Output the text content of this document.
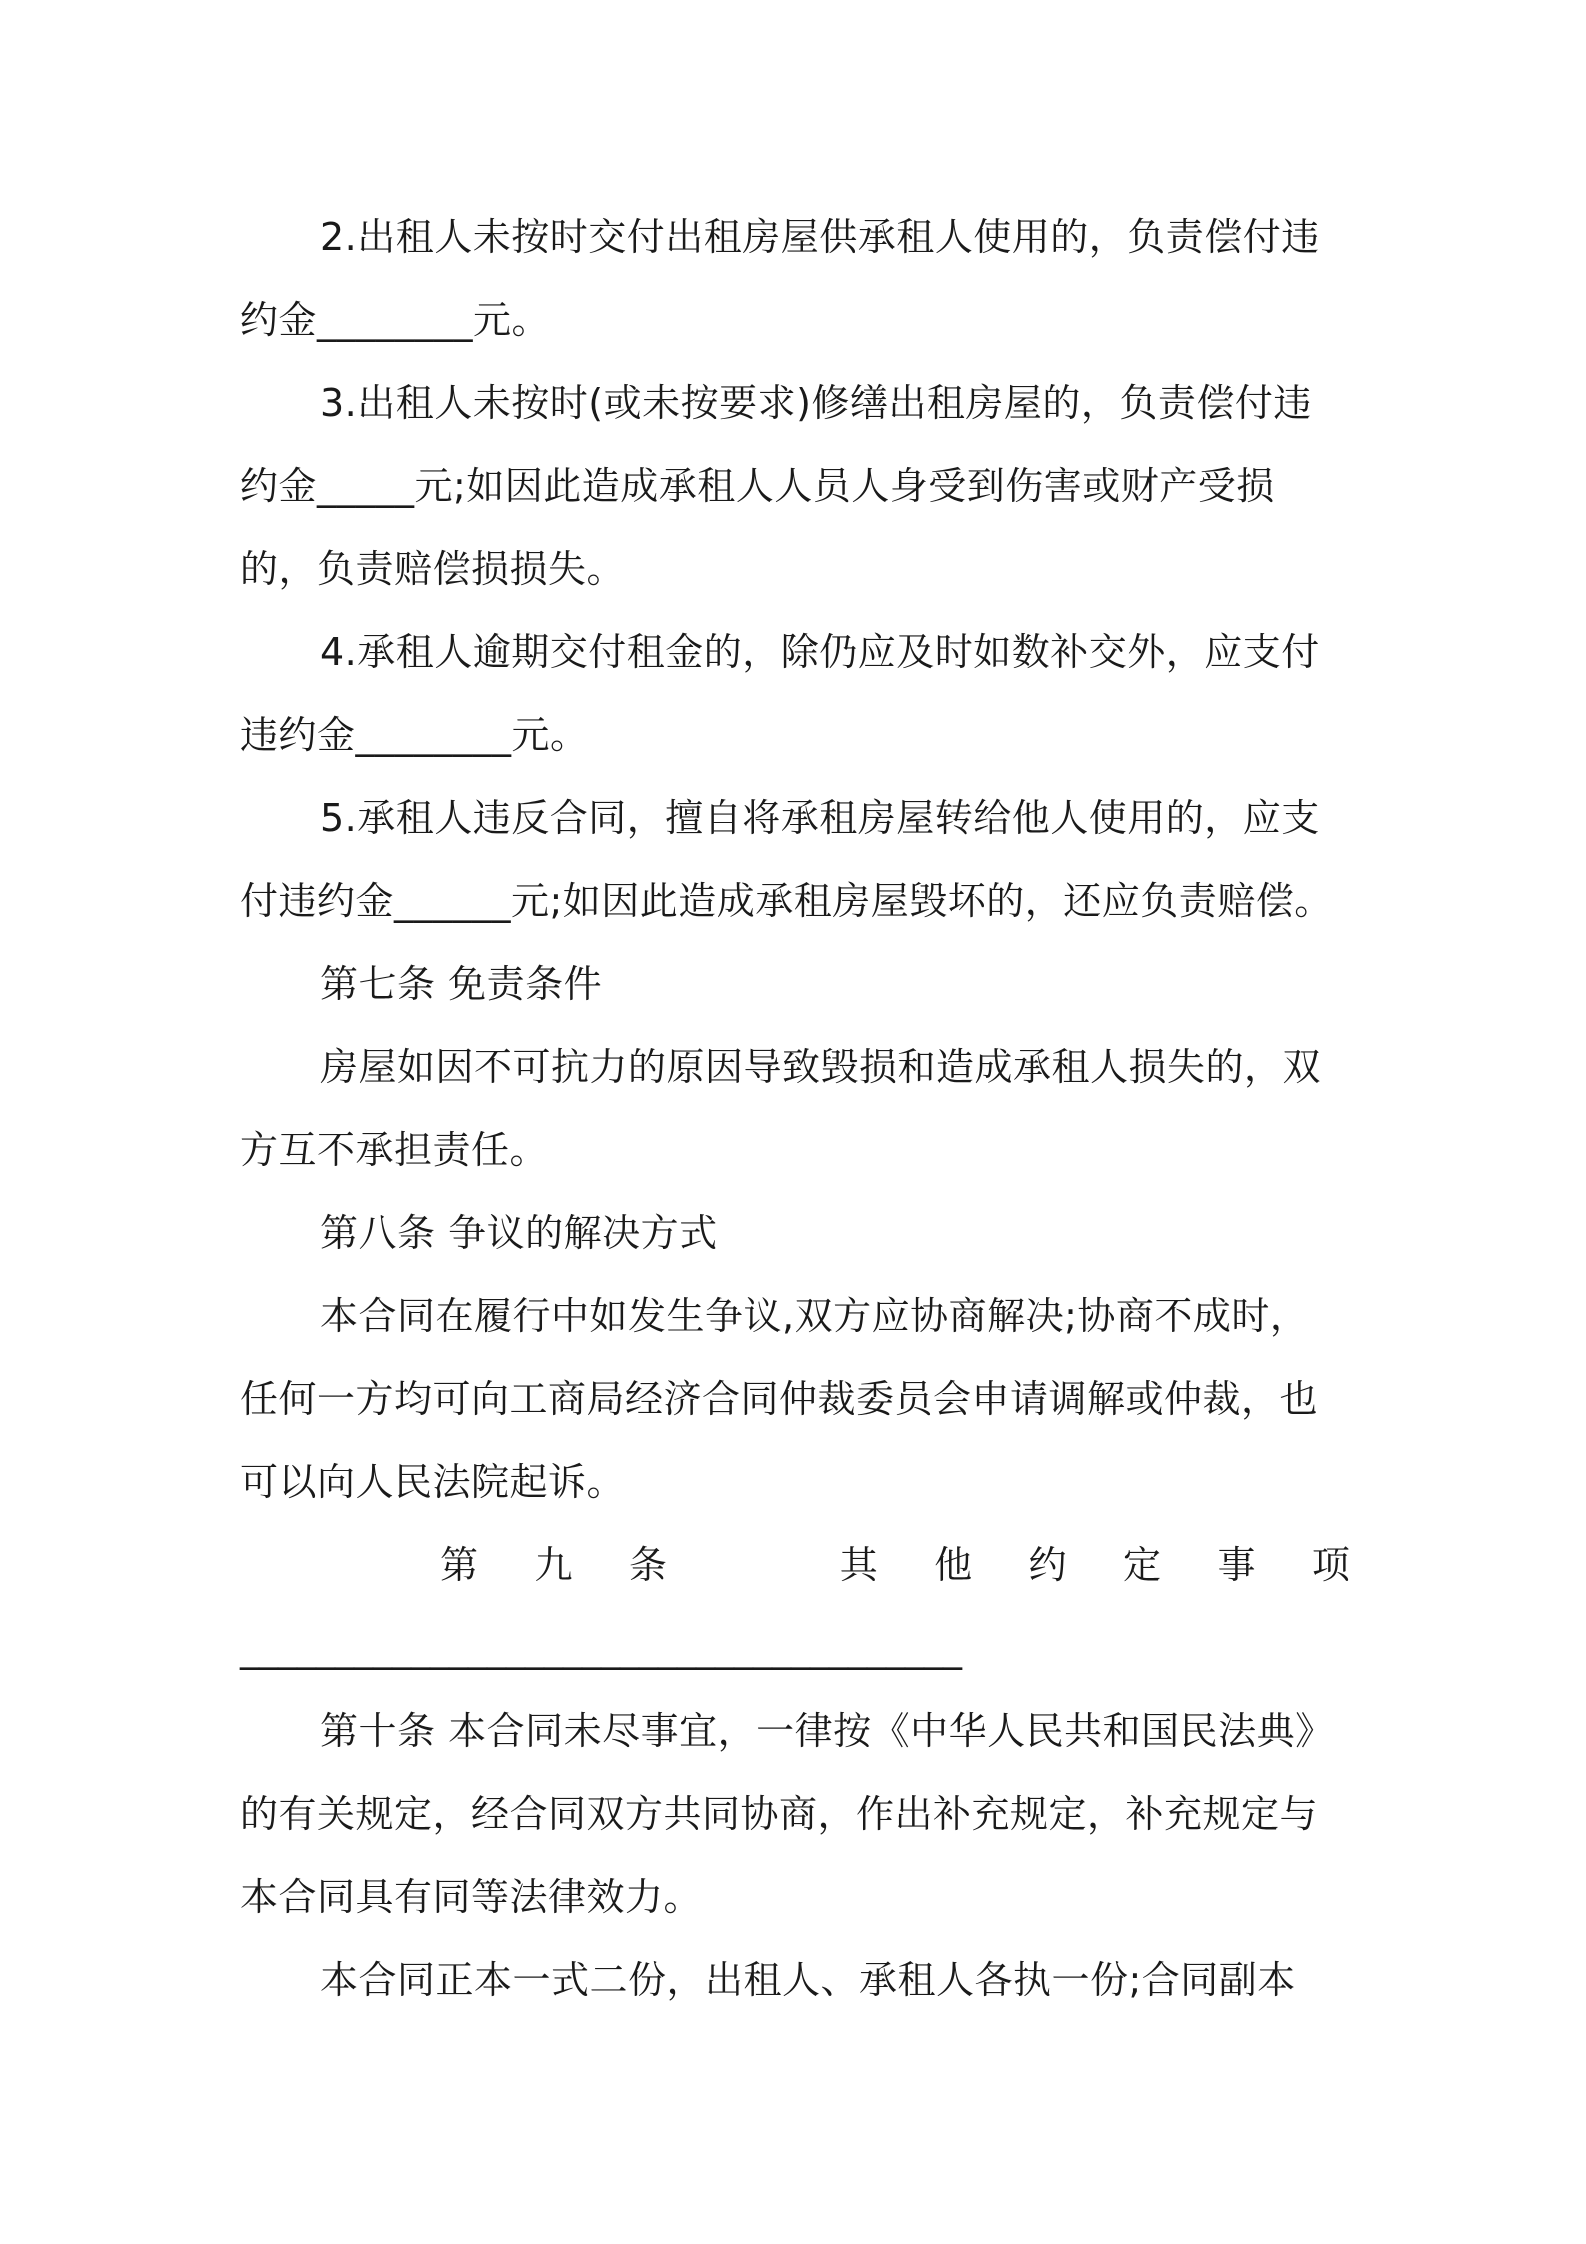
2.出租人未按时交付出租房屋供承租人使用的，负责偿付违

约金________元。

3.出租人未按时(或未按要求)修缮出租房屋的，负责偿付违

约金_____元;如因此造成承租人人员人身受到伤害或财产受损

的，负责赔偿损损失。

4.承租人逾期交付租金的，除仍应及时如数补交外，应支付

违约金________元。

5.承租人违反合同，擅自将承租房屋转给他人使用的，应支

付违约金______元;如因此造成承租房屋毁坏的，还应负责赔偿。

第七条 免责条件

房屋如因不可抗力的原因导致毁损和造成承租人损失的，双

方互不承担责任。

第八条 争议的解决方式

本合同在履行中如发生争议,双方应协商解决;协商不成时，

任何一方均可向工商局经济合同仲裁委员会申请调解或仲裁，也

可以向人民法院起诉。

第 九 条	其 他 约 定 事 项

______________________________________

第十条 本合同未尽事宜，一律按《中华人民共和国民法典》

的有关规定，经合同双方共同协商，作出补充规定，补充规定与

本合同具有同等法律效力。

本合同正本一式二份，出租人、承租人各执一份;合同副本
